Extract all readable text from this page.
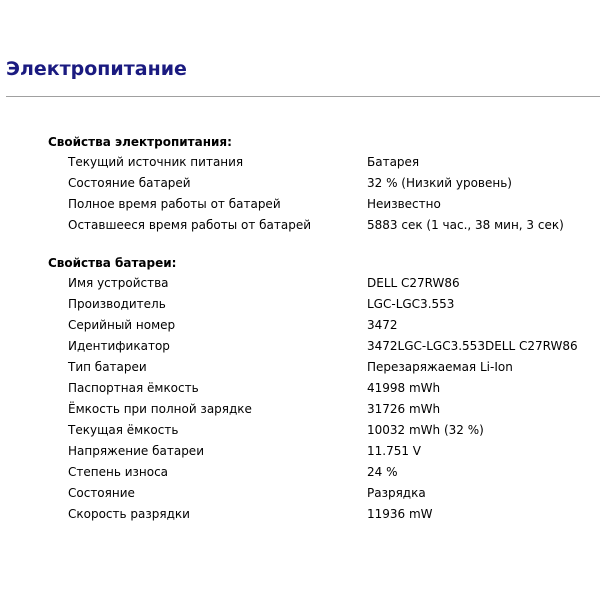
Электропитание
Свойства электропитания:
Текущий источник питания	Батарея
Состояние батарей	32 % (Низкий уровень)
Полное время работы от батарей	Неизвестно
Оставшееся время работы от батарей	5883 сек (1 час., 38 мин, 3 сек)
Свойства батареи:
Имя устройства	DELL C27RW86
Производитель	LGC-LGC3.553
Серийный номер	3472
Идентификатор	3472LGC-LGC3.553DELL C27RW86
Тип батареи	Перезаряжаемая Li-Ion
Паспортная ёмкость	41998 mWh
Ёмкость при полной зарядке	31726 mWh
Текущая ёмкость	10032 mWh (32 %)
Напряжение батареи	11.751 V
Степень износа	24 %
Состояние	Разрядка
Скорость разрядки	11936 mW
